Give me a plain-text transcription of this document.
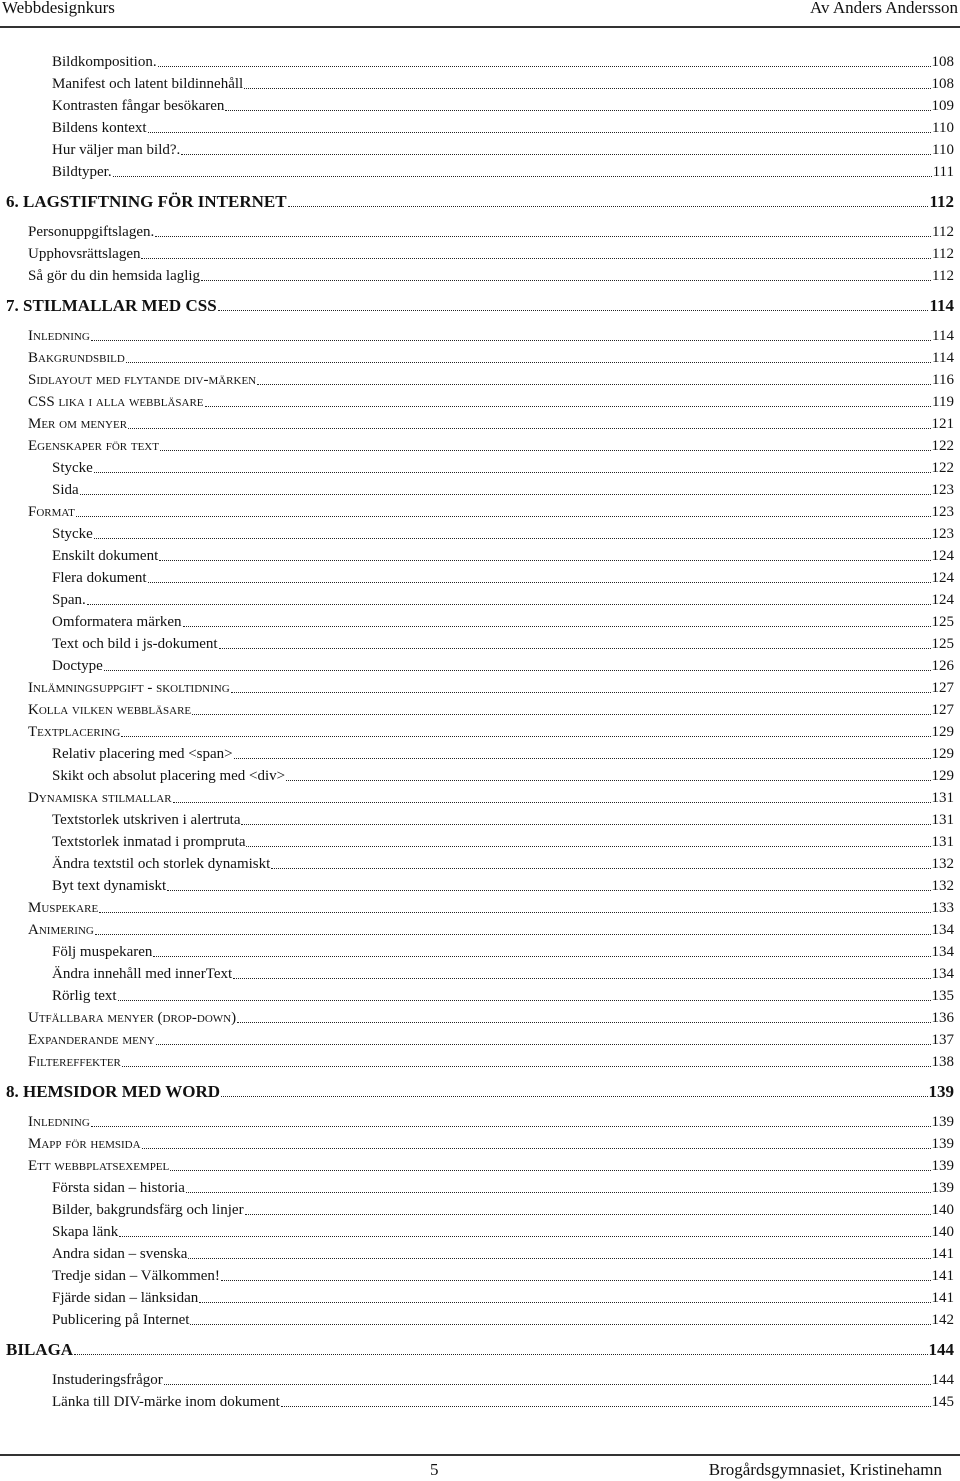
Webbdesignkurs	Av Anders Andersson
Bildkomposition.	108
Manifest och latent bildinnehåll	108
Kontrasten fångar besökaren	109
Bildens kontext	110
Hur väljer man bild?.	110
Bildtyper.	111
6. LAGSTIFTNING FÖR INTERNET	112
Personuppgiftslagen.	112
Upphovsrättslagen	112
Så gör du din hemsida laglig	112
7. STILMALLAR MED CSS	114
Inledning	114
Bakgrundsbild	114
Sidlayout med flytande div-märken	116
CSS lika i alla webbläsare	119
Mer om menyer	121
Egenskaper för text	122
Stycke	122
Sida	123
Format	123
Stycke	123
Enskilt dokument	124
Flera dokument	124
Span.	124
Omformatera märken	125
Text och bild i js-dokument	125
Doctype	126
Inlämningsuppgift - skoltidning	127
Kolla vilken webbläsare	127
Textplacering	129
Relativ placering med <span>	129
Skikt och absolut placering med <div>	129
Dynamiska stilmallar	131
Textstorlek utskriven i alertruta	131
Textstorlek inmatad i prompruta	131
Ändra textstil och storlek dynamiskt	132
Byt text dynamiskt	132
Muspekare	133
Animering	134
Följ muspekaren	134
Ändra innehåll med innerText	134
Rörlig text	135
Utfällbara menyer (drop-down)	136
Expanderande meny	137
Filtereffekter	138
8. HEMSIDOR MED WORD	139
Inledning	139
Mapp för hemsida	139
Ett webbplatsexempel	139
Första sidan – historia	139
Bilder, bakgrundsfärg och linjer	140
Skapa länk	140
Andra sidan – svenska	141
Tredje sidan – Välkommen!	141
Fjärde sidan – länksidan	141
Publicering på Internet	142
BILAGA	144
Instuderingsfrågor	144
Länka till DIV-märke inom dokument	145
5	Brogårdsgymnasiet, Kristinehamn
